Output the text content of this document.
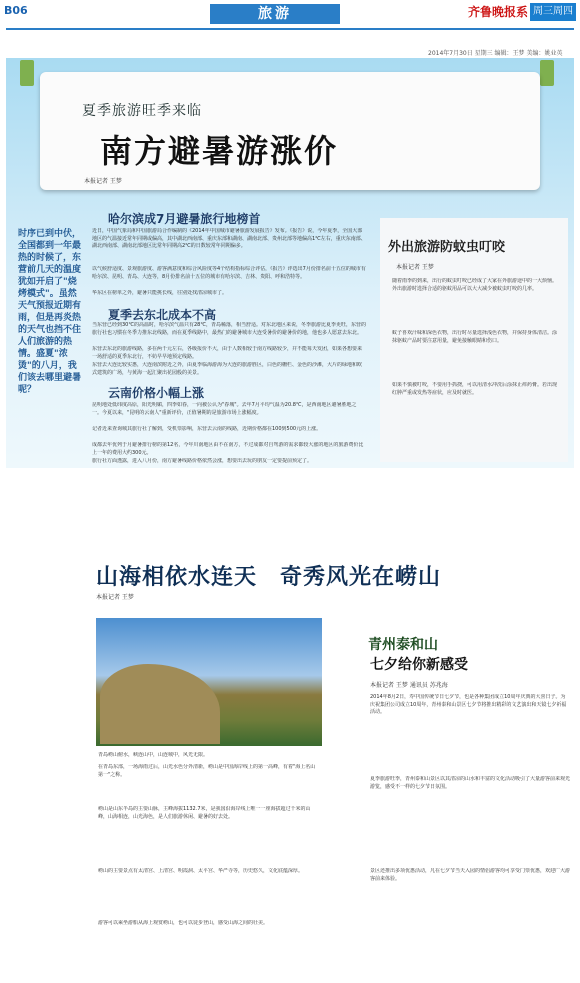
B06	旅游	齐鲁晚报系 周三周四
2014年7月30日 星期三 编辑：王梦 美编：姚业英
夏季旅游旺季来临
南方避暑游涨价
本报记者 王梦
时序已到中伏，全国都到一年最热的时候了，东营前几天的温度犹如开启了"烧烤模式"。虽然天气预报近期有雨，但是再炎热的天气也挡不住人们旅游的热情。盛夏"浓烫"的八月，我们该去哪里避暑呢？
哈尔滨成7月避暑旅行地榜首
近日，中国气象局和中国旅游局合作编制的《2014年中国城市避暑旅游发展报告》发布。《报告》说，今年夏季，全国大部地区的气温接近常年同期或偏高，其中湖北西南部、重庆东部和湖南、湖南北部、贵州北部等地偏高1℃左右，重庆东南部、湖北西南部、湖南北部地区比常年同期高2℃的日数较常年同期偏多。
以气候舒适度、景观旅游度、游客满意度和综合风险度等4个结构指标综合评估，《报告》评选出7月份排名前十五位的城市有哈尔滨、昆明、青岛、大连等，8月份排名前十五位的城市有哈尔滨、吉林、贵阳、呼和浩特等。
华东区在榜单之外，避暑只能挑长线，往别处找清凉城市了。
夏季去东北成本不高
当东营已经到30℃的高温时，哈尔滨气温只有28℃，青岛稀落，相当舒适。对东北地区来说，冬季旅游比夏季更旺，东营的旅行社也习惯在冬季力推东北线路，而在夏季线路中，最热门的避暑城市大连受暑价的避暑价的地，他也多人愿意去东北。
东营去东北的旅游线路，多在两千元左右，各级报价不大，由于人数相较于南方线路较少，并不能每天发团，如果各想要来一场舒适的夏季东北行，不妨早早地预定线路。
东营去大连比较实惠，大连南滨附近之外，由夏季临海游海为大连的旅游胜区，白色的栅栏、金色的沙滩，大片的绿地和欧式建筑的广场，与黄海一起汇聚出花园般的美景。
云南价格小幅上涨
昆明地处低纬度高原，阳光明媚，四季如春，一向被公认为"春城"。去年7月平均气温为20.8℃，是西南地区避暑胜地之一。今夏以来，"昆明的云南人"重新评价，正值暑期的是旅游市场上涨幅度。
记者近来查询城其旅行社了解到，受机票影响，东营去云南的线路，近期价格都在100到500元的上涨。
成都去年优列于月避暑排行榜的第12名，今年川南地区由不在南方，不过成都对自驾游的需求都较大涨的地区的旅游费价比上一年的费用大约300元。
旅行社方面透露，进入八月份，南方避暑线路价格依然会涨，想要出去玩的朋友一定要提前预定了。
外出旅游防蚊虫叮咬
本报记者 王梦
随着雨季的到来，出行的蚊虫叮咬已经成了大家在外旅游途中的一大烦恼。外出旅游时选择合适的驱蚊用品可以大大减少被蚊虫叮咬的几率。
蚊子喜欢汗味和深色衣物，出行时尽量选择浅色衣物，并保持身体清洁。涂抹驱蚊产品时要注意用量，避免接触眼睛和伤口。
如果不慎被叮咬，不要用手抓挠，可以用清水冲洗后涂抹止痒药膏。若出现红肿严重或发热等症状，应及时就医。
山海相依水连天　奇秀风光在崂山
本报记者 王梦
青岛崂山俯水，峡连山中，山连城中，风光无限。
在青岛东部，一场海雨过后，山光水色分外清新，崂山是中国海岸线上的第一高峰，有着"海上名山第一"之称。
崂山是山东半岛的主要山脉，主峰海拔1132.7米，是我国沿海岸线上唯一一座海拔超过千米的山峰，山海相连，山光海色，是人们旅游休闲、避暑的好去处。
崂山的主要景点有太清宫、上清宫、明霞洞、太平宫、华严寺等，历史悠久，文化底蕴深厚。
游客可以乘坐游船从海上观赏崂山，也可以徒步登山，感受山海之间的壮美。
青州泰和山
七夕给你新感受
本报记者 王梦 通讯员 苏兆海
2014年8月2日，寿中国传统节日七夕节，也是各种集团成立10周年庆典的大喜日子。为庆祝集团公司成立10周年，青州泰和山景区七夕节将推出精彩的文艺演出和天镜七夕祈福活动。
夏季旅游旺季，青州泰和山景区以其清凉的山水和丰富的文化活动吸引了大量游客前来观光游览，感受不一样的七夕节日氛围。
景区还推出多项优惠活动，凡在七夕节当天入园的情侣游客均可享受门票优惠，欢迎广大游客前来体验。
